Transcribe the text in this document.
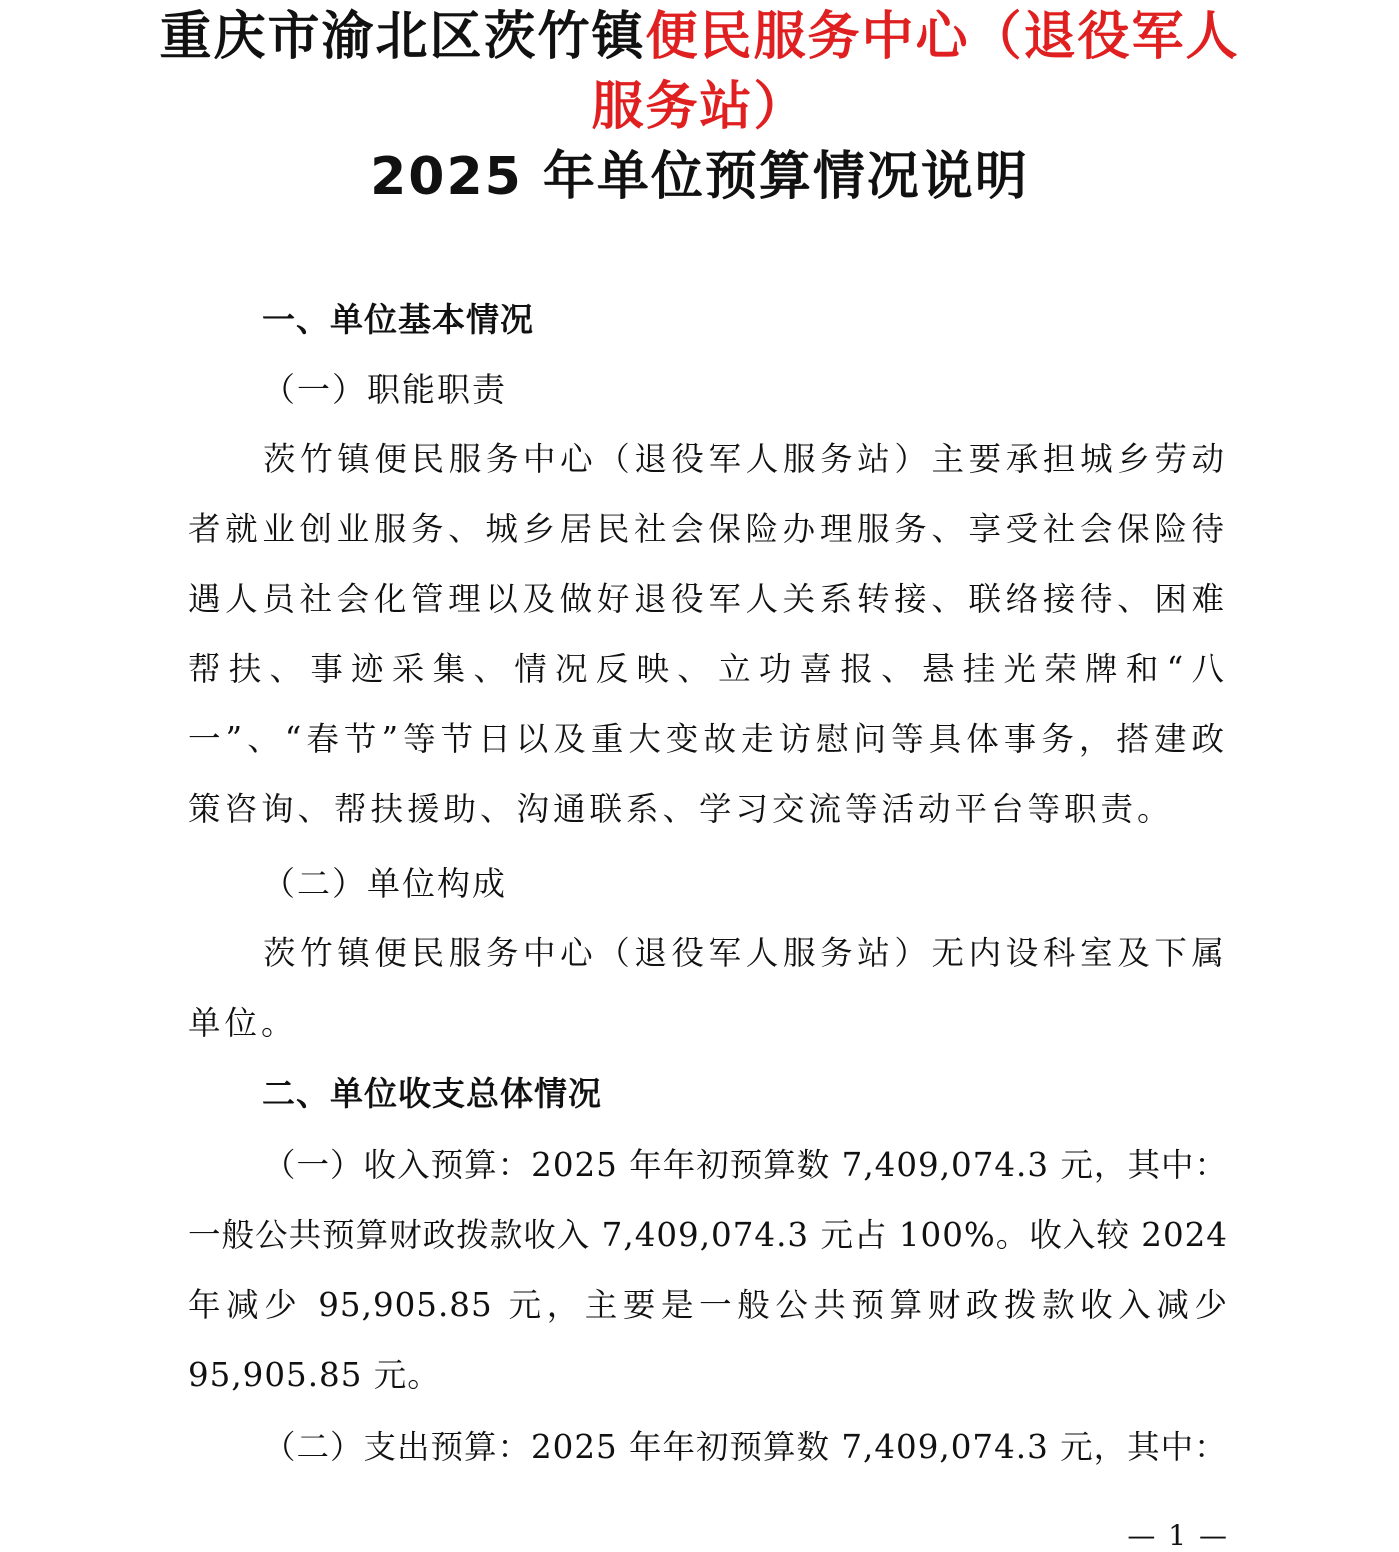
重庆市渝北区茨竹镇便民服务中心（退役军人
服务站）
2025 年单位预算情况说明
一、单位基本情况
（一）职能职责

茨竹镇便民服务中心（退役军人服务站）主要承担城乡劳动者就业创业服务、城乡居民社会保险办理服务、享受社会保险待遇人员社会化管理以及做好退役军人关系转接、联络接待、困难帮扶、事迹采集、情况反映、立功喜报、悬挂光荣牌和“八一”、“春节”等节日以及重大变故走访慰问等具体事务，搭建政策咨询、帮扶援助、沟通联系、学习交流等活动平台等职责。

（二）单位构成

茨竹镇便民服务中心（退役军人服务站）无内设科室及下属单位。

二、单位收支总体情况

（一）收入预算：2025 年年初预算数 7,409,074.3 元，其中：一般公共预算财政拨款收入 7,409,074.3 元占 100%。收入较 2024 年减少 95,905.85 元，主要是一般公共预算财政拨款收入减少 95,905.85 元。

（二）支出预算：2025 年年初预算数 7,409,074.3 元，其中：

— 1 —
